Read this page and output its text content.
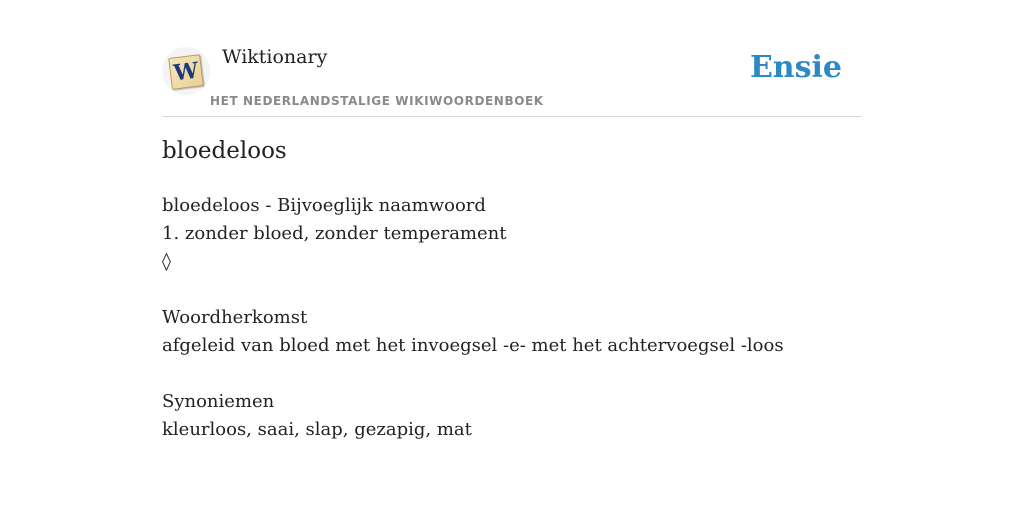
W
Wiktionary
HET NEDERLANDSTALIGE WIKIWOORDENBOEK
Ensie
bloedeloos
bloedeloos - Bijvoeglijk naamwoord
1. zonder bloed, zonder temperament
◊
Woordherkomst
afgeleid van bloed met het invoegsel -e- met het achtervoegsel -loos
Synoniemen
kleurloos, saai, slap, gezapig, mat
